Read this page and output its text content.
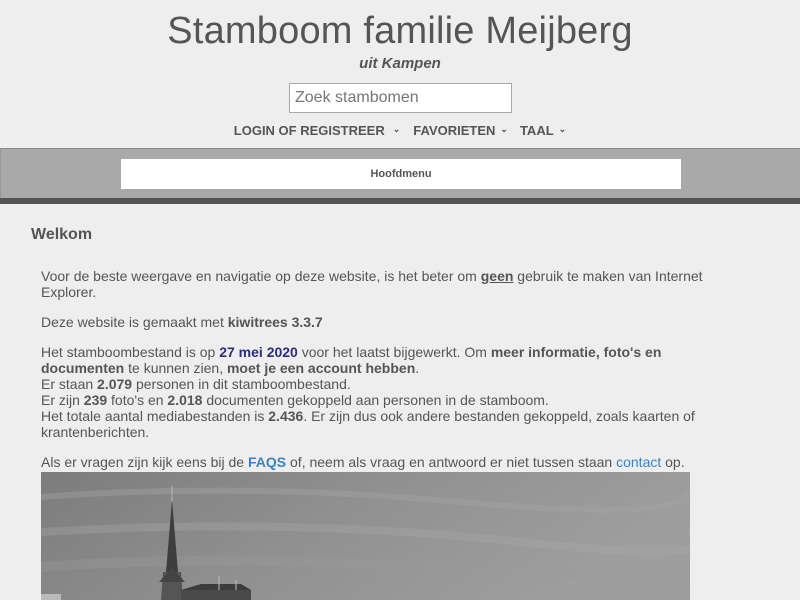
Stamboom familie Meijberg
uit Kampen
Zoek stambomen
LOGIN OF REGISTREER ⌄ FAVORIETEN ⌄ TAAL ⌄
Hoofdmenu
Welkom

Voor de beste weergave en navigatie op deze website, is het beter om geen gebruik te maken van Internet Explorer.

Deze website is gemaakt met kiwitrees 3.3.7

Het stamboombestand is op 27 mei 2020 voor het laatst bijgewerkt. Om meer informatie, foto's en documenten te kunnen zien, moet je een account hebben.

Er staan 2.079 personen in dit stamboombestand.

Er zijn 239 foto's en 2.018 documenten gekoppeld aan personen in de stamboom.

Het totale aantal mediabestanden is 2.436. Er zijn dus ook andere bestanden gekoppeld, zoals kaarten of krantenberichten.

Als er vragen zijn kijk eens bij de FAQS of, neem als vraag en antwoord er niet tussen staan contact op.
